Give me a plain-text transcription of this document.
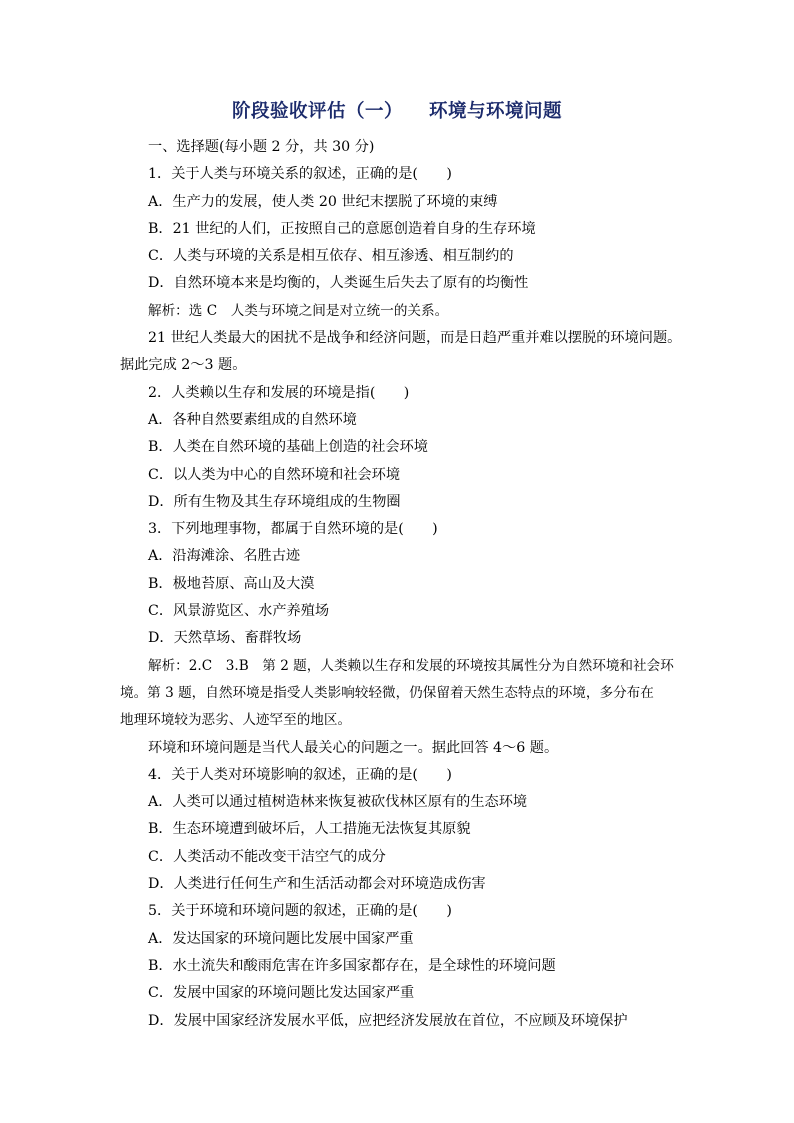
阶段验收评估（一） 环境与环境问题
一、选择题(每小题 2 分，共 30 分)
1．关于人类与环境关系的叙述，正确的是(　　)
A．生产力的发展，使人类 20 世纪末摆脱了环境的束缚
B．21 世纪的人们，正按照自己的意愿创造着自身的生存环境
C．人类与环境的关系是相互依存、相互渗透、相互制约的
D．自然环境本来是均衡的，人类诞生后失去了原有的均衡性
解析：选 C　人类与环境之间是对立统一的关系。
21 世纪人类最大的困扰不是战争和经济问题，而是日趋严重并难以摆脱的环境问题。
据此完成 2～3 题。
2．人类赖以生存和发展的环境是指(　　)
A．各种自然要素组成的自然环境
B．人类在自然环境的基础上创造的社会环境
C．以人类为中心的自然环境和社会环境
D．所有生物及其生存环境组成的生物圈
3．下列地理事物，都属于自然环境的是(　　)
A．沿海滩涂、名胜古迹
B．极地苔原、高山及大漠
C．风景游览区、水产养殖场
D．天然草场、畜群牧场
解析：2.C　3.B　第 2 题，人类赖以生存和发展的环境按其属性分为自然环境和社会环
境。第 3 题，自然环境是指受人类影响较轻微，仍保留着天然生态特点的环境，多分布在
地理环境较为恶劣、人迹罕至的地区。
环境和环境问题是当代人最关心的问题之一。据此回答 4～6 题。
4．关于人类对环境影响的叙述，正确的是(　　)
A．人类可以通过植树造林来恢复被砍伐林区原有的生态环境
B．生态环境遭到破坏后，人工措施无法恢复其原貌
C．人类活动不能改变干洁空气的成分
D．人类进行任何生产和生活活动都会对环境造成伤害
5．关于环境和环境问题的叙述，正确的是(　　)
A．发达国家的环境问题比发展中国家严重
B．水土流失和酸雨危害在许多国家都存在，是全球性的环境问题
C．发展中国家的环境问题比发达国家严重
D．发展中国家经济发展水平低，应把经济发展放在首位，不应顾及环境保护
